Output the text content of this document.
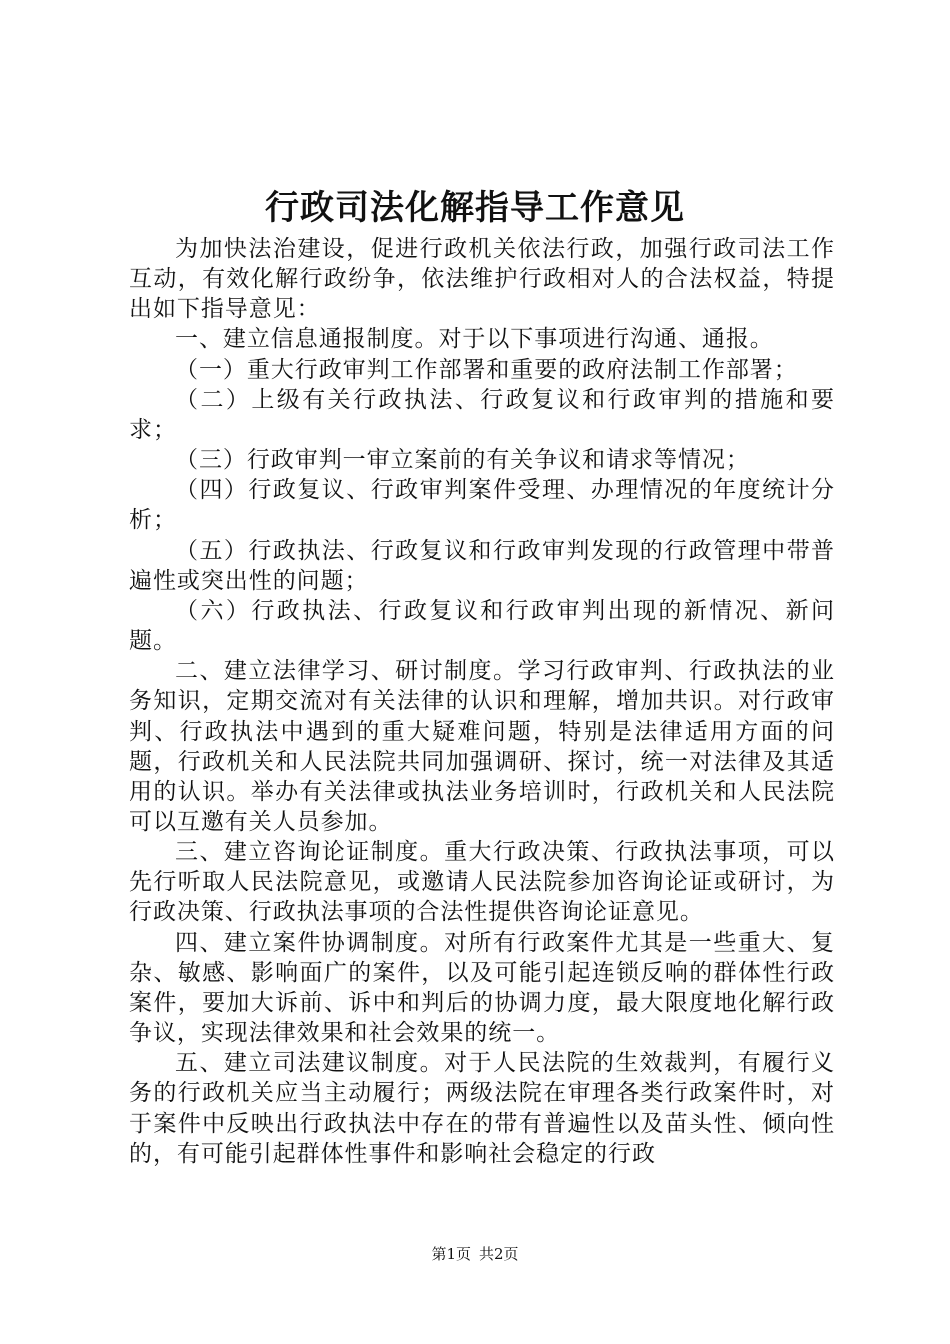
行政司法化解指导工作意见

为加快法治建设，促进行政机关依法行政，加强行政司法工作互动，有效化解行政纷争，依法维护行政相对人的合法权益，特提出如下指导意见：

一、建立信息通报制度。对于以下事项进行沟通、通报。

（一）重大行政审判工作部署和重要的政府法制工作部署；

（二）上级有关行政执法、行政复议和行政审判的措施和要求；

（三）行政审判一审立案前的有关争议和请求等情况；

（四）行政复议、行政审判案件受理、办理情况的年度统计分析；

（五）行政执法、行政复议和行政审判发现的行政管理中带普遍性或突出性的问题；

（六）行政执法、行政复议和行政审判出现的新情况、新问题。

二、建立法律学习、研讨制度。学习行政审判、行政执法的业务知识，定期交流对有关法律的认识和理解，增加共识。对行政审判、行政执法中遇到的重大疑难问题，特别是法律适用方面的问题，行政机关和人民法院共同加强调研、探讨，统一对法律及其适用的认识。举办有关法律或执法业务培训时，行政机关和人民法院可以互邀有关人员参加。

三、建立咨询论证制度。重大行政决策、行政执法事项，可以先行听取人民法院意见，或邀请人民法院参加咨询论证或研讨，为行政决策、行政执法事项的合法性提供咨询论证意见。

四、建立案件协调制度。对所有行政案件尤其是一些重大、复杂、敏感、影响面广的案件，以及可能引起连锁反响的群体性行政案件，要加大诉前、诉中和判后的协调力度，最大限度地化解行政争议，实现法律效果和社会效果的统一。

五、建立司法建议制度。对于人民法院的生效裁判，有履行义务的行政机关应当主动履行；两级法院在审理各类行政案件时，对于案件中反映出行政执法中存在的带有普遍性以及苗头性、倾向性的，有可能引起群体性事件和影响社会稳定的行政

第1页 共2页
